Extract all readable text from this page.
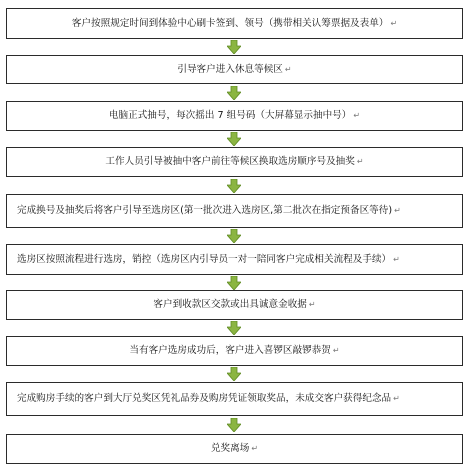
客户按照规定时间到体验中心刷卡签到、领号（携带相关认筹票据及表单） ↵
引导客户进入休息等候区 ↵
电脑正式抽号，每次摇出 7 组号码（大屏幕显示抽中号） ↵
工作人员引导被抽中客户前往等候区换取选房顺序号及抽奖 ↵
完成换号及抽奖后将客户引导至选房区(第一批次进入选房区,第二批次在指定预备区等待) ↵
选房区按照流程进行选房，销控（选房区内引导员一对一陪同客户完成相关流程及手续） ↵
客户到收款区交款或出具诚意金收据 ↵
当有客户选房成功后，客户进入喜锣区敲锣恭贺 ↵
完成购房手续的客户到大厅兑奖区凭礼品券及购房凭证领取奖品，未成交客户获得纪念品 ↵
兑奖离场 ↵
